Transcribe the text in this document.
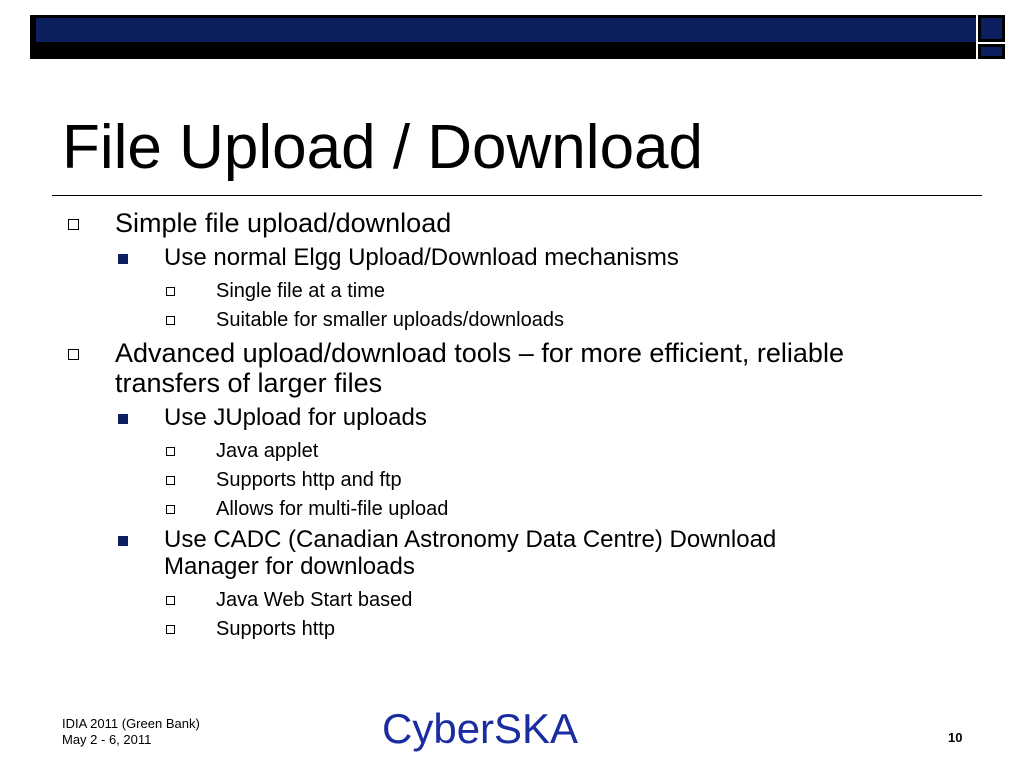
File Upload / Download
Simple file upload/download
Use normal Elgg Upload/Download mechanisms
Single file at a time
Suitable for smaller uploads/downloads
Advanced upload/download tools – for more efficient, reliable
transfers of larger files
Use JUpload for uploads
Java applet
Supports http and ftp
Allows for multi-file upload
Use CADC (Canadian Astronomy Data Centre) Download
Manager for downloads
Java Web Start based
Supports http
IDIA 2011 (Green Bank)
May 2 - 6, 2011	CyberSKA	10
